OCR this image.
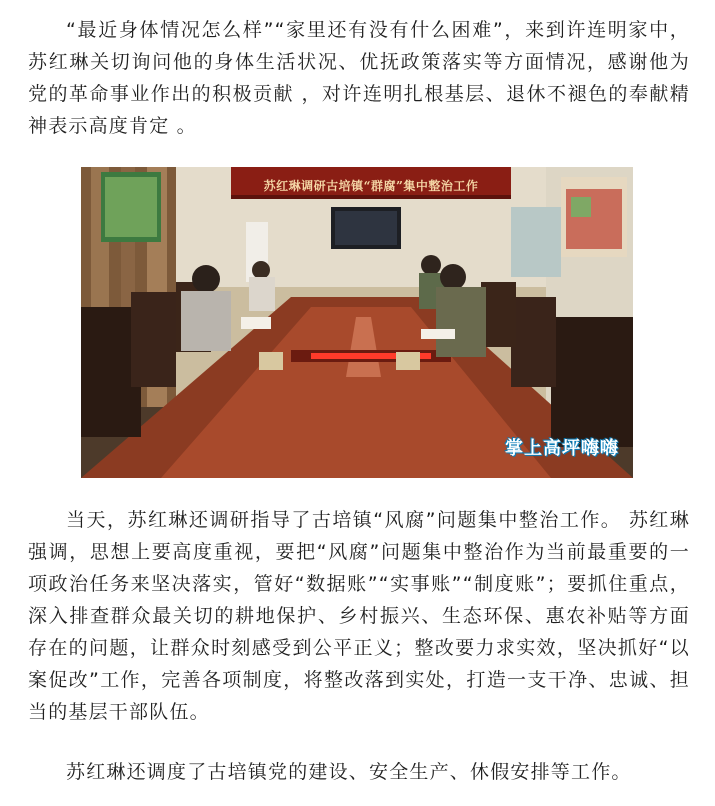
“最近身体情况怎么样”“家里还有没有什么困难”，来到许连明家中，苏红琳关切询问他的身体生活状况、优抚政策落实等方面情况，感谢他为党的革命事业作出的积极贡献 ，对许连明扎根基层、退休不褪色的奉献精神表示高度肯定 。

苏红琳调研古培镇“群腐”集中整治工作
掌上高坪嗨嗨

当天，苏红琳还调研指导了古培镇“风腐”问题集中整治工作。 苏红琳强调，思想上要高度重视，要把“风腐”问题集中整治作为当前最重要的一项政治任务来坚决落实，管好“数据账”“实事账”“制度账”；要抓住重点，深入排查群众最关切的耕地保护、乡村振兴、生态环保、惠农补贴等方面存在的问题，让群众时刻感受到公平正义；整改要力求实效，坚决抓好“以案促改”工作，完善各项制度，将整改落到实处，打造一支干净、忠诚、担当的基层干部队伍。

苏红琳还调度了古培镇党的建设、安全生产、休假安排等工作。
